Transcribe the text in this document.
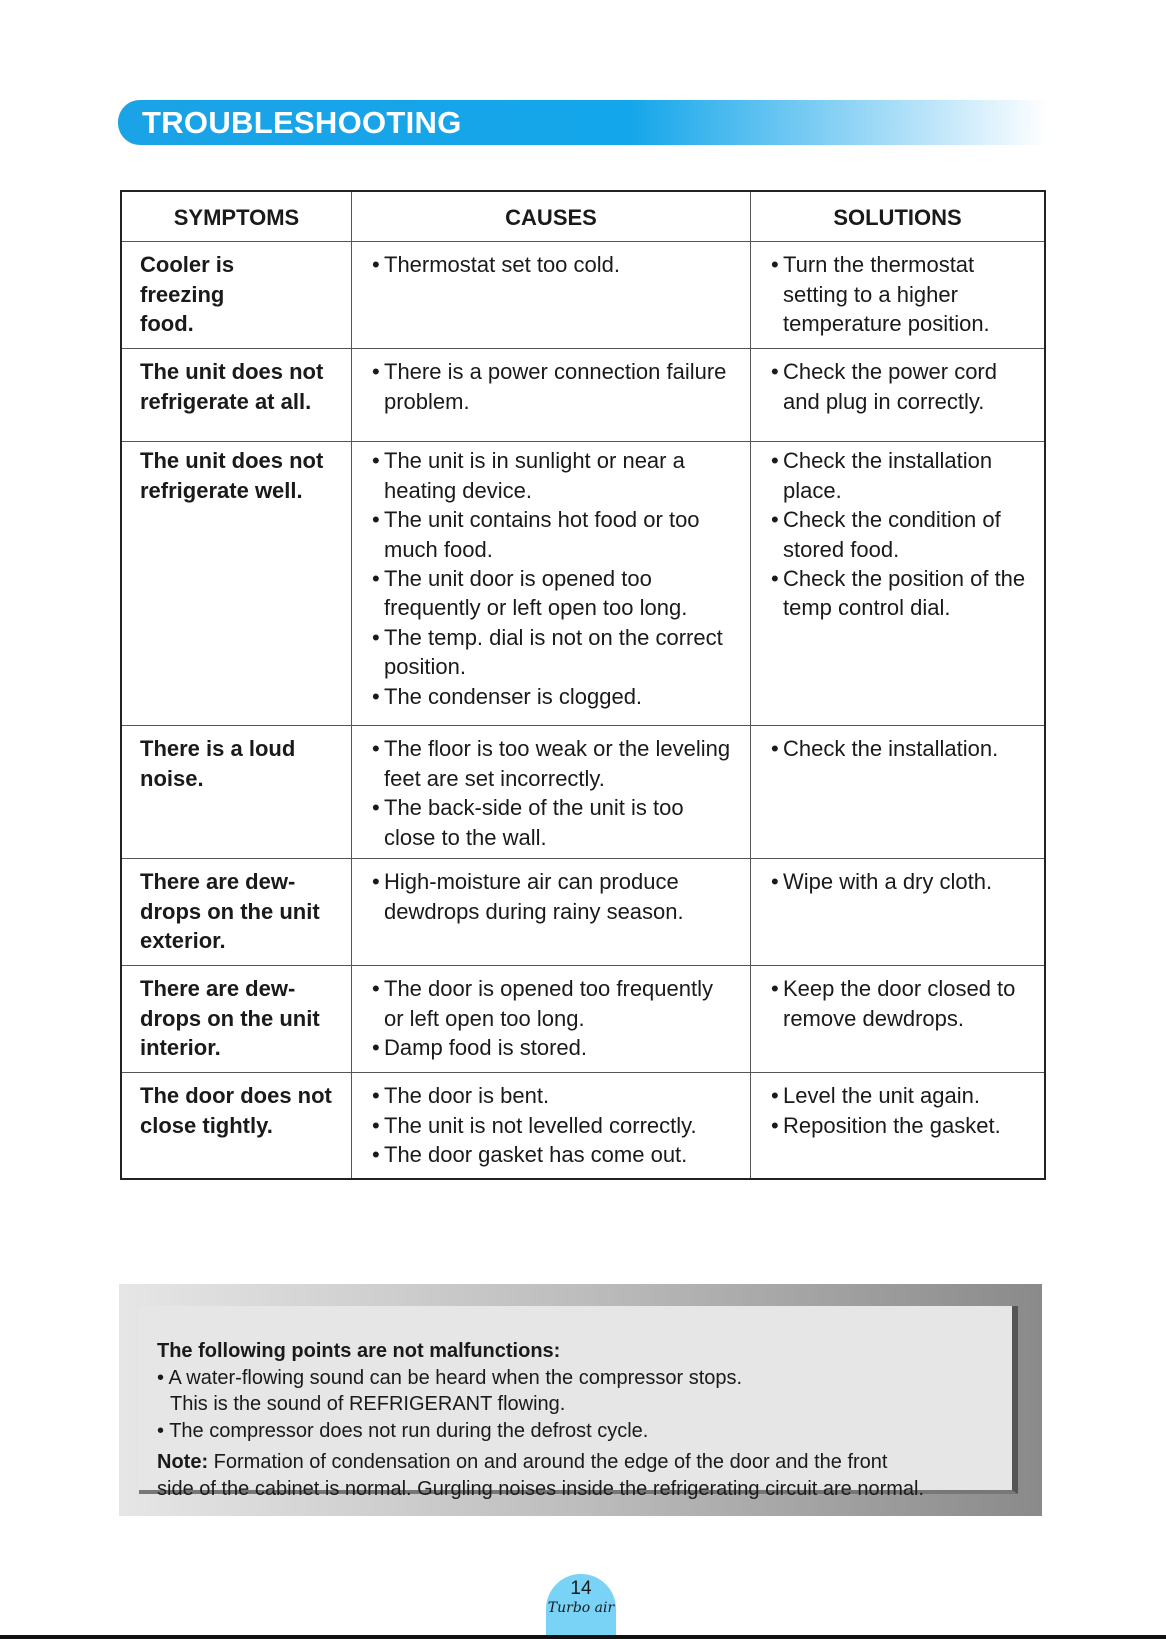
TROUBLESHOOTING
SYMPTOMS	CAUSES	SOLUTIONS
Cooler is freezing food.
• Thermostat set too cold.
•	Turn the thermostat setting to a higher temperature position.
The unit does not refrigerate at all.
• There is a power connection failure problem.
• Check the power cord and plug in correctly.
The unit does not refrigerate well.
• The unit is in sunlight or near a heating device.
• The unit contains hot food or too much food.
• The unit door is opened too frequently or left open too long.
• The temp. dial is not on the correct position.
• The condenser is clogged.
• Check the installation place.
• Check the condition of stored food.
• Check the position of the temp control dial.
There is a loud noise.
• The floor is too weak or the leveling feet are set incorrectly.
• The back-side of the unit is too close to the wall.
• Check the installation.
There are dew-drops on the unit exterior.
• High-moisture air can produce dewdrops during rainy season.
• Wipe with a dry cloth.
There are dew-drops on the unit interior.
• The door is opened too frequently or left open too long.
• Damp food is stored.
• Keep the door closed to remove dewdrops.
The door does not close tightly.
• The door is bent.
• The unit is not levelled correctly.
• The door gasket has come out.
• Level the unit again.
• Reposition the gasket.
The following points are not malfunctions:
• A water-flowing sound can be heard when the compressor stops.
This is the sound of REFRIGERANT flowing.
• The compressor does not run during the defrost cycle.
Note: Formation of condensation on and around the edge of the door and the front
side of the cabinet is normal. Gurgling noises inside the refrigerating circuit are normal.
14
Turbo air
